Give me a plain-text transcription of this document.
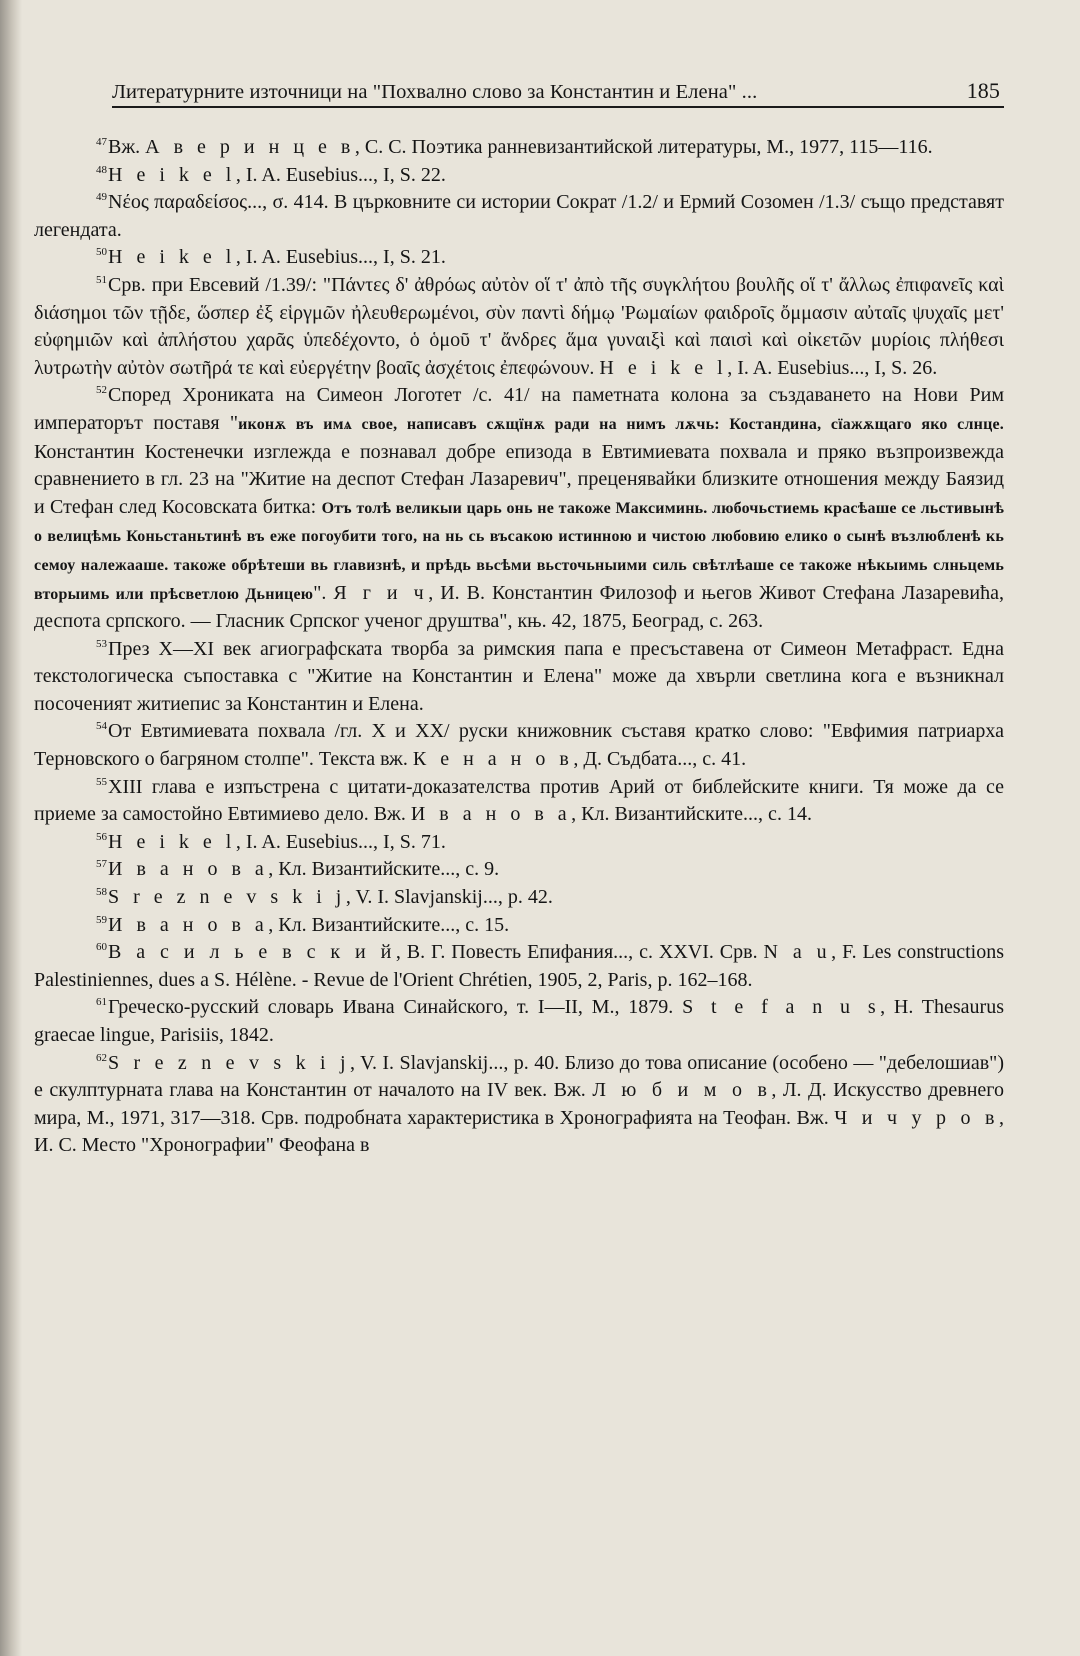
Литературните източници на "Похвално слово за Константин и Елена" ...	185

$^{47}$Вж. А в е р и н ц е в, С. С. Поэтика ранневизантийской литературы, М., 1977, 115—116.

$^{48}$H e i k e l, I. A. Eusebius..., I, S. 22.

$^{49}$Νέος παραδείσος..., σ. 414. В църковните си истории Сократ /1.2/ и Ермий Созомен /1.3/ също представят легендата.

$^{50}$H e i k e l, I. A. Eusebius..., I, S. 21.

$^{51}$Срв. при Евсевий /1.39/: "Πάντες δ' ἀθρόως αὐτὸν οἵ τ' ἀπὸ τῆς συγκλήτου βουλῆς οἵ τ' ἄλλως ἐπιφανεῖς καὶ διάσημοι τῶν τῇδε, ὥσπερ ἐξ εἱργμῶν ἠλευθερωμένοι, σὺν παντὶ δήμῳ 'Ρωμαίων φαιδροῖς ὄμμασιν αὐταῖς ψυχαῖς μετ' εὐφημιῶν καὶ ἀπλήστου χαρᾶς ὑπεδέχοντο, ὁ ὁμοῦ τ' ἄνδρες ἅμα γυναιξὶ καὶ παισὶ καὶ οἰκετῶν μυρίοις πλήθεσι λυτρωτὴν αὐτὸν σωτῆρά τε καὶ εὐεργέτην βοαῖς ἀσχέτοις ἐπεφώνουν. H e i k e l, I. A. Eusebius..., I, S. 26.

$^{52}$Според Хрониката на Симеон Логотет /с. 41/ на паметната колона за създаването на Нови Рим императорът поставя "иконѫ въ имѧ свое, написавъ сѫщїнѫ ради на нимъ лѫчь: Костандина, сїажѫщаго яко слнце. Константин Костенечки изглежда е познавал добре епизода в Евтимиевата похвала и пряко възпроизвежда сравнението в гл. 23 на "Житие на деспот Стефан Лазаревич", преценявайки близките отношения между Баязид и Стефан след Косовската битка: Отъ толѣ великыи царь онь не такоже Максиминь. любочьстиемь красѣаше се льстивынѣ о велицѣмь Коньстаньтинѣ въ еже погоубити того, на нь сь въсакою истинною и чистою любовию елико о сынѣ възлюбленѣ кь семоу належааше. такоже обрѣтеши вь главизнѣ, и прѣдь вьсѣми вьсточьныими силь свѣтлѣаше се такоже нѣкыимь слньцемь вторыимь или прѣсветлою Дьницею". Я г и ч, И. В. Константин Филозоф и његов Живот Стефана Лазаревића, деспота српского. — Гласник Српског ученог друштва", књ. 42, 1875, Београд, с. 263.

$^{53}$През X—XI век агиографската творба за римския папа е пресъставена от Симеон Метафраст. Една текстологическа съпоставка с "Житие на Константин и Елена" може да хвърли светлина кога е възникнал посоченият житиепис за Константин и Елена.

$^{54}$От Евтимиевата похвала /гл. X и XX/ руски книжовник съставя кратко слово: "Евфимия патриарха Терновского о багряном столпе". Текста вж. К е н а н о в, Д. Съдбата..., с. 41.

$^{55}$XIII глава е изпъстрена с цитати-доказателства против Арий от библейските книги. Тя може да се приеме за самостойно Евтимиево дело. Вж. И в а н о в а, Кл. Византийските..., с. 14.

$^{56}$H e i k e l, I. A. Eusebius..., I, S. 71.

$^{57}$И в а н о в а, Кл. Византийските..., с. 9.

$^{58}$S r e z n e v s k i j, V. I. Slavjanskij..., p. 42.

$^{59}$И в а н о в а, Кл. Византийските..., с. 15.

$^{60}$В а с и л ь е в с к и й, В. Г. Повесть Епифания..., с. XXVI. Срв. N a u, F. Les constructions Palestiniennes, dues a S. Hélène. - Revue de l'Orient Chrétien, 1905, 2, Paris, p. 162–168.

$^{61}$Греческо-русский словарь Ивана Синайского, т. I—II, М., 1879. S t e f a n u s, H. Thesaurus graecae lingue, Parisiis, 1842.

$^{62}$S r e z n e v s k i j, V. I. Slavjanskij..., p. 40. Близо до това описание (особено — "дебелошиав") е скулптурната глава на Константин от началото на IV век. Вж. Л ю б и м о в, Л. Д. Искусство древнего мира, М., 1971, 317—318. Срв. подробната характеристика в Хронографията на Теофан. Вж. Ч и ч у р о в, И. С. Место "Хронографии" Феофана в
